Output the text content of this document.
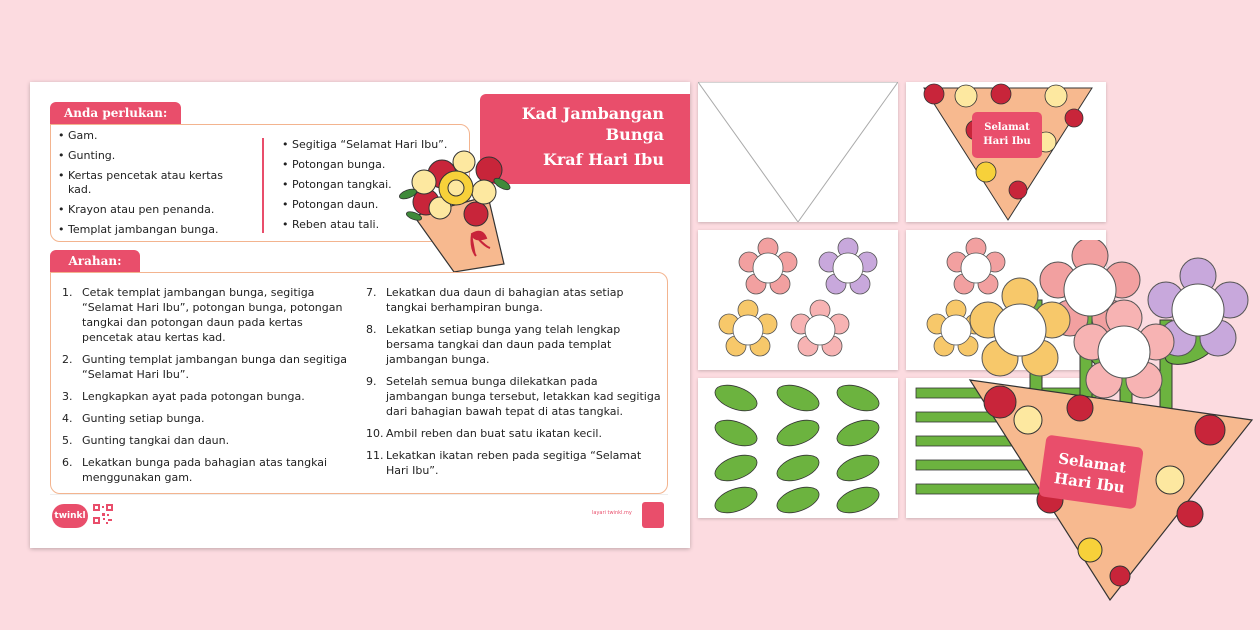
Anda perlukan:
• Gam.
• Gunting.
• Kertas pencetak atau kertas kad.
• Krayon atau pen penanda.
• Templat jambangan bunga.
• Segitiga “Selamat Hari Ibu”.
• Potongan bunga.
• Potongan tangkai.
• Potongan daun.
• Reben atau tali.
Kad Jambangan
Bunga
Kraf Hari Ibu
Arahan:
1. Cetak templat jambangan bunga, segitiga “Selamat Hari Ibu”, potongan bunga, potongan tangkai dan potongan daun pada kertas pencetak atau kertas kad.
2. Gunting templat jambangan bunga dan segitiga “Selamat Hari Ibu”.
3. Lengkapkan ayat pada potongan bunga.
4. Gunting setiap bunga.
5. Gunting tangkai dan daun.
6. Lekatkan bunga pada bahagian atas tangkai menggunakan gam.
7. Lekatkan dua daun di bahagian atas setiap tangkai berhampiran bunga.
8. Lekatkan setiap bunga yang telah lengkap bersama tangkai dan daun pada templat jambangan bunga.
9. Setelah semua bunga dilekatkan pada jambangan bunga tersebut, letakkan kad segitiga dari bahagian bawah tepat di atas tangkai.
10. Ambil reben dan buat satu ikatan kecil.
11. Lekatkan ikatan reben pada segitiga “Selamat Hari Ibu”.
twinkl	layari twinkl.my
Selamat
Hari Ibu
Selamat
Hari Ibu
